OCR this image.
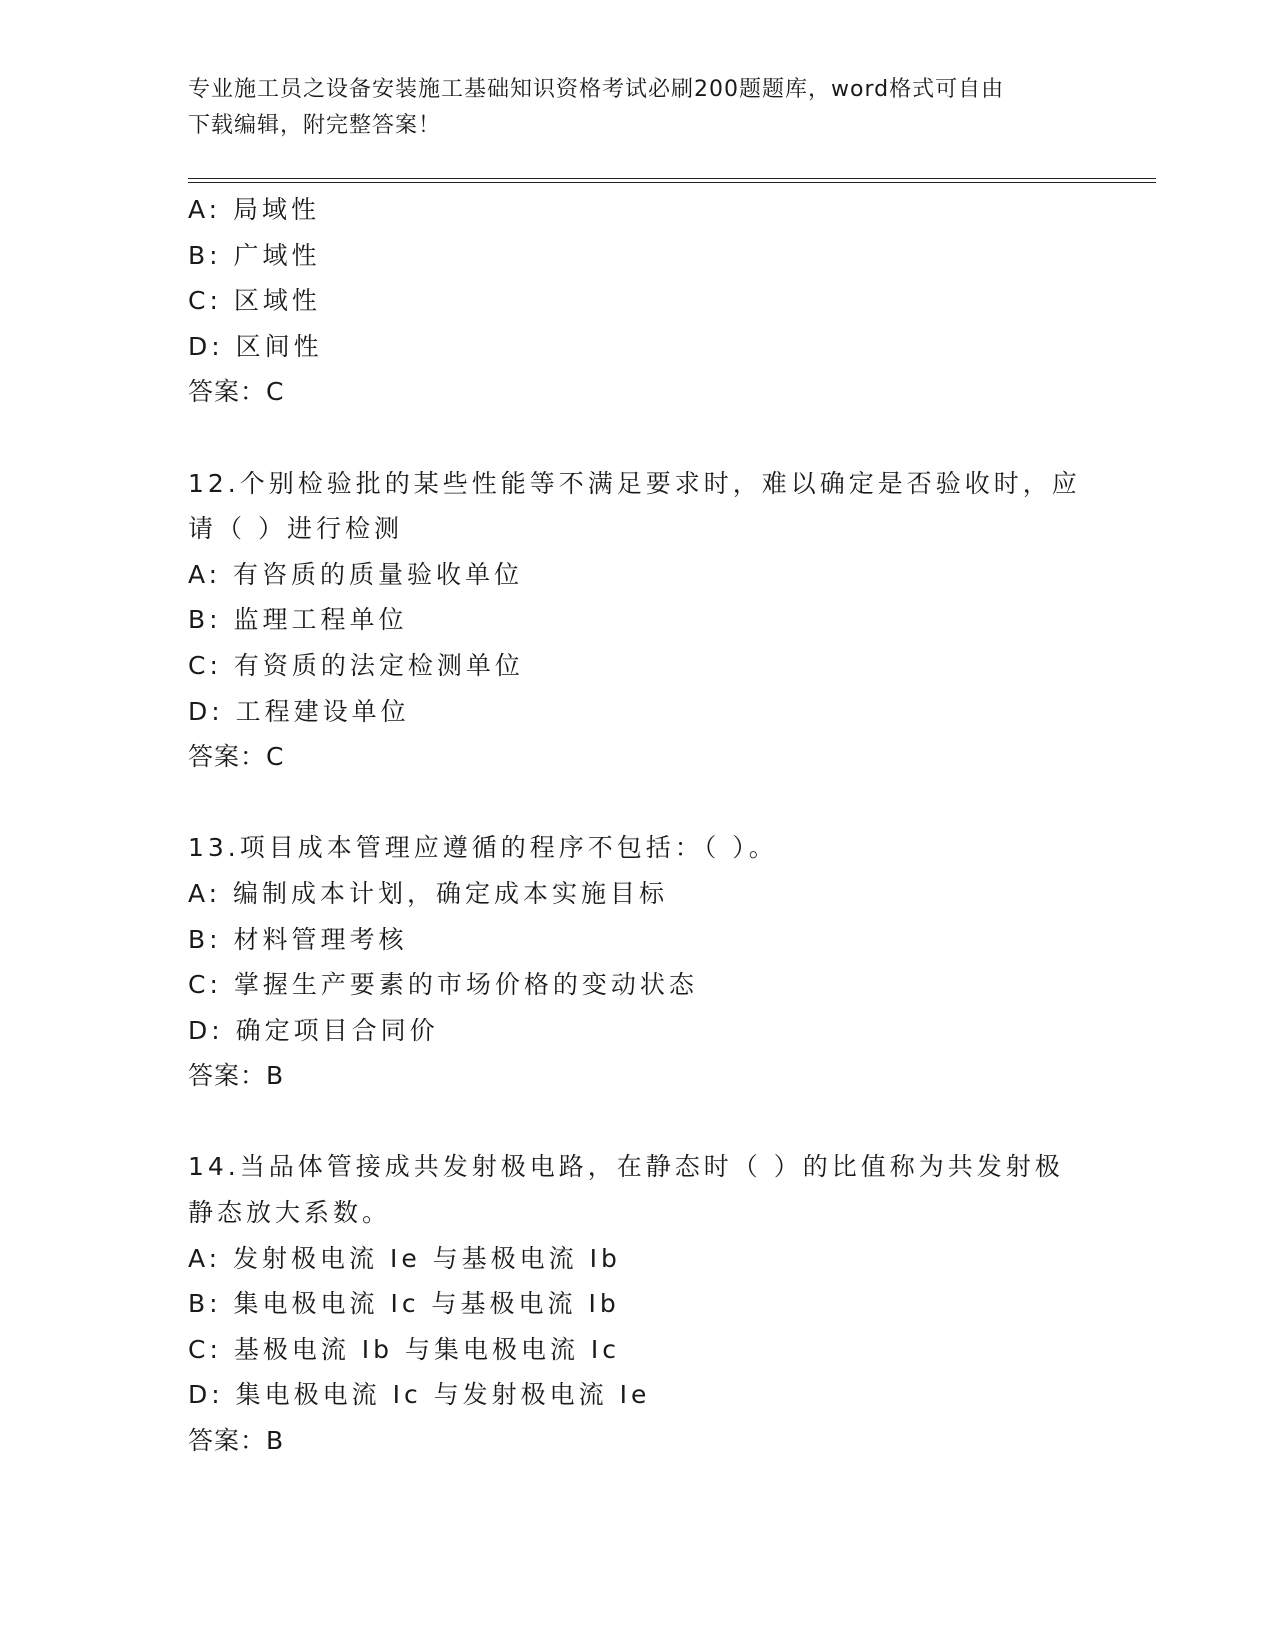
专业施工员之设备安装施工基础知识资格考试必刷200题题库，word格式可自由
下载编辑，附完整答案！
A: 局域性
B: 广域性
C: 区域性
D: 区间性
答案：C
12.个别检验批的某些性能等不满足要求时，难以确定是否验收时，应
请（ ）进行检测
A: 有咨质的质量验收单位
B: 监理工程单位
C: 有资质的法定检测单位
D: 工程建设单位
答案：C
13.项目成本管理应遵循的程序不包括：（ ）。
A: 编制成本计划，确定成本实施目标
B: 材料管理考核
C: 掌握生产要素的市场价格的变动状态
D: 确定项目合同价
答案：B
14.当品体管接成共发射极电路，在静态时（ ）的比值称为共发射极
静态放大系数。
A: 发射极电流 Ie 与基极电流 Ib
B: 集电极电流 Ic 与基极电流 Ib
C: 基极电流 Ib 与集电极电流 Ic
D: 集电极电流 Ic 与发射极电流 Ie
答案：B
